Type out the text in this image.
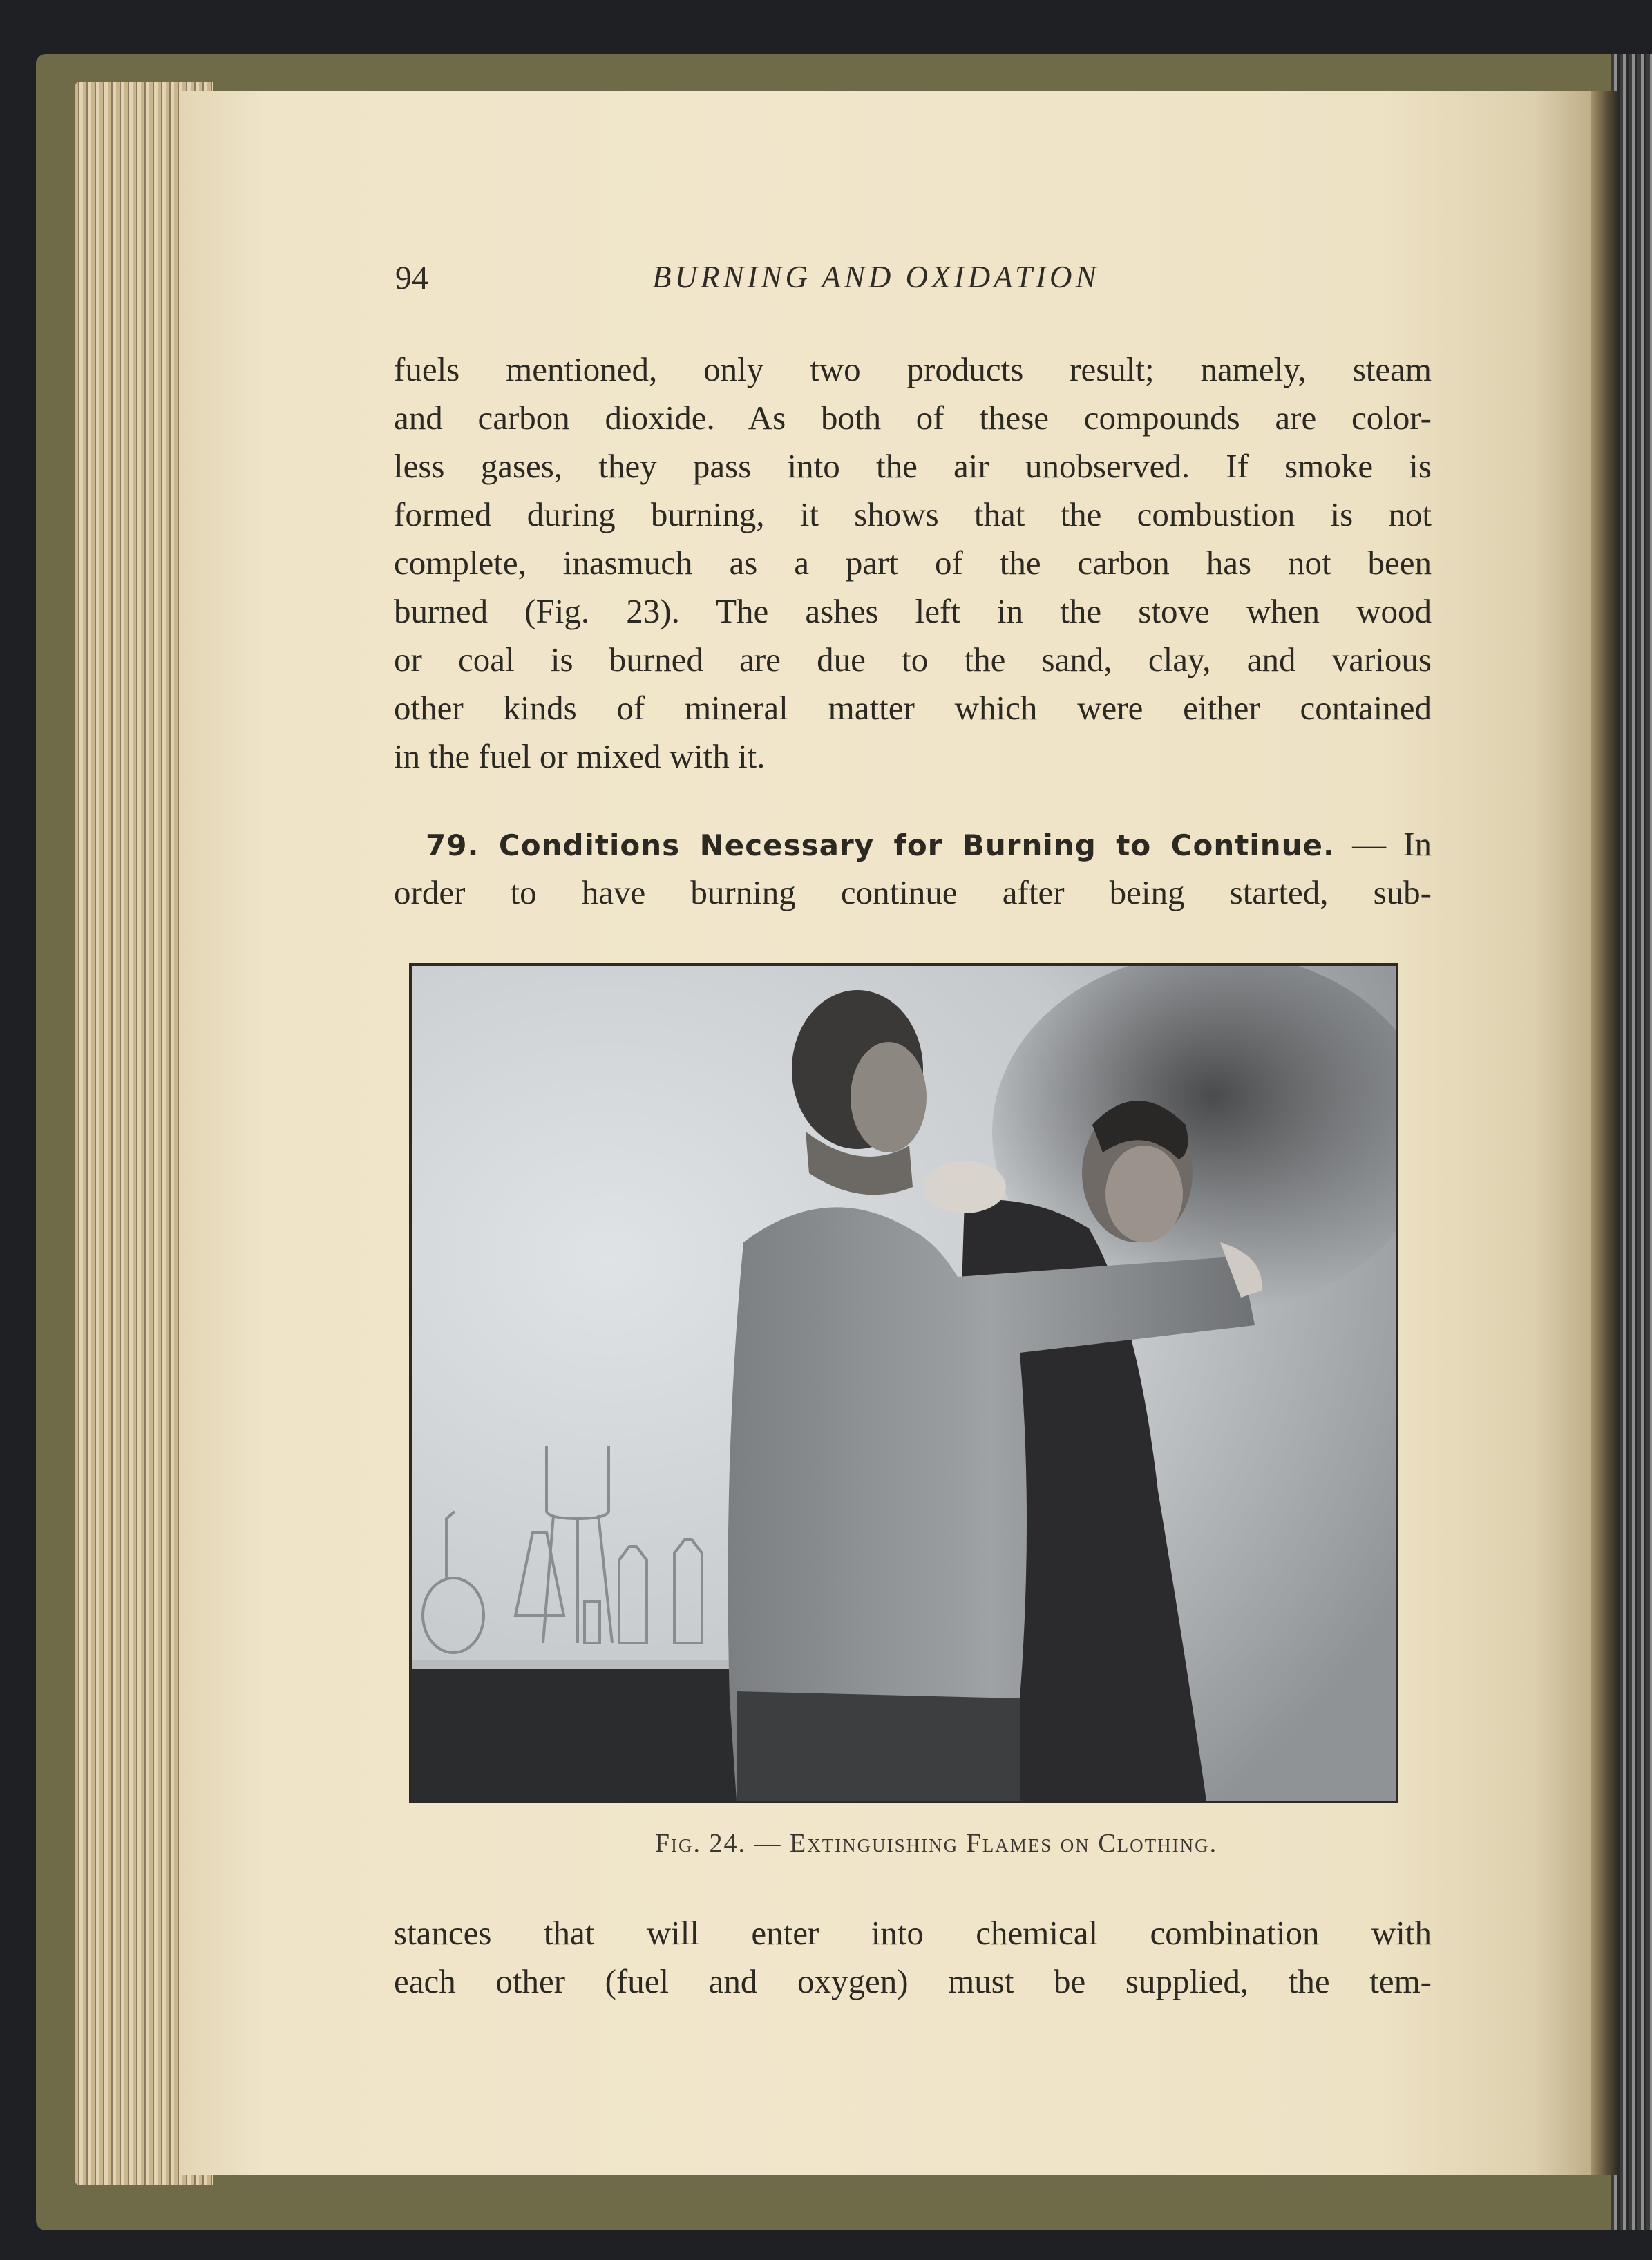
94	BURNING AND OXIDATION
fuels mentioned, only two products result; namely, steam
and carbon dioxide. As both of these compounds are color-
less gases, they pass into the air unobserved. If smoke is
formed during burning, it shows that the combustion is not
complete, inasmuch as a part of the carbon has not been
burned (Fig. 23). The ashes left in the stove when wood
or coal is burned are due to the sand, clay, and various
other kinds of mineral matter which were either contained
in the fuel or mixed with it.
79. Conditions Necessary for Burning to Continue. — In
order to have burning continue after being started, sub-
Fig. 24. — Extinguishing Flames on Clothing.
stances that will enter into chemical combination with
each other (fuel and oxygen) must be supplied, the tem-
